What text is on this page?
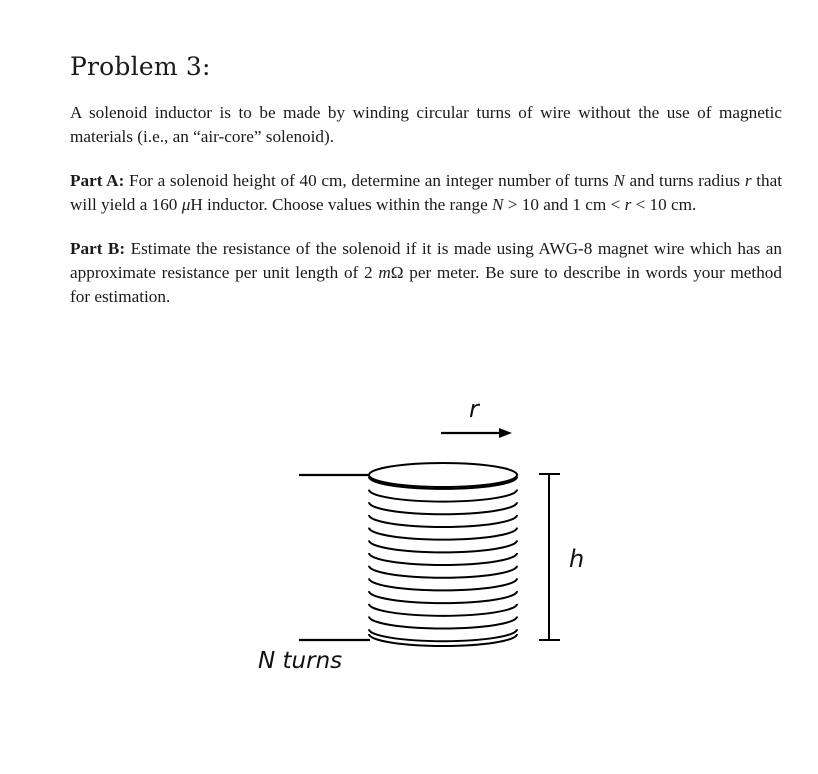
Problem 3:

A solenoid inductor is to be made by winding circular turns of wire without the use of magnetic materials (i.e., an “air-core” solenoid).

Part A: For a solenoid height of 40 cm, determine an integer number of turns N and turns radius r that will yield a 160 μH inductor. Choose values within the range N > 10 and 1 cm < r < 10 cm.

Part B: Estimate the resistance of the solenoid if it is made using AWG-8 magnet wire which has an approximate resistance per unit length of 2 mΩ per meter. Be sure to describe in words your method for estimation.

r
h
N turns
